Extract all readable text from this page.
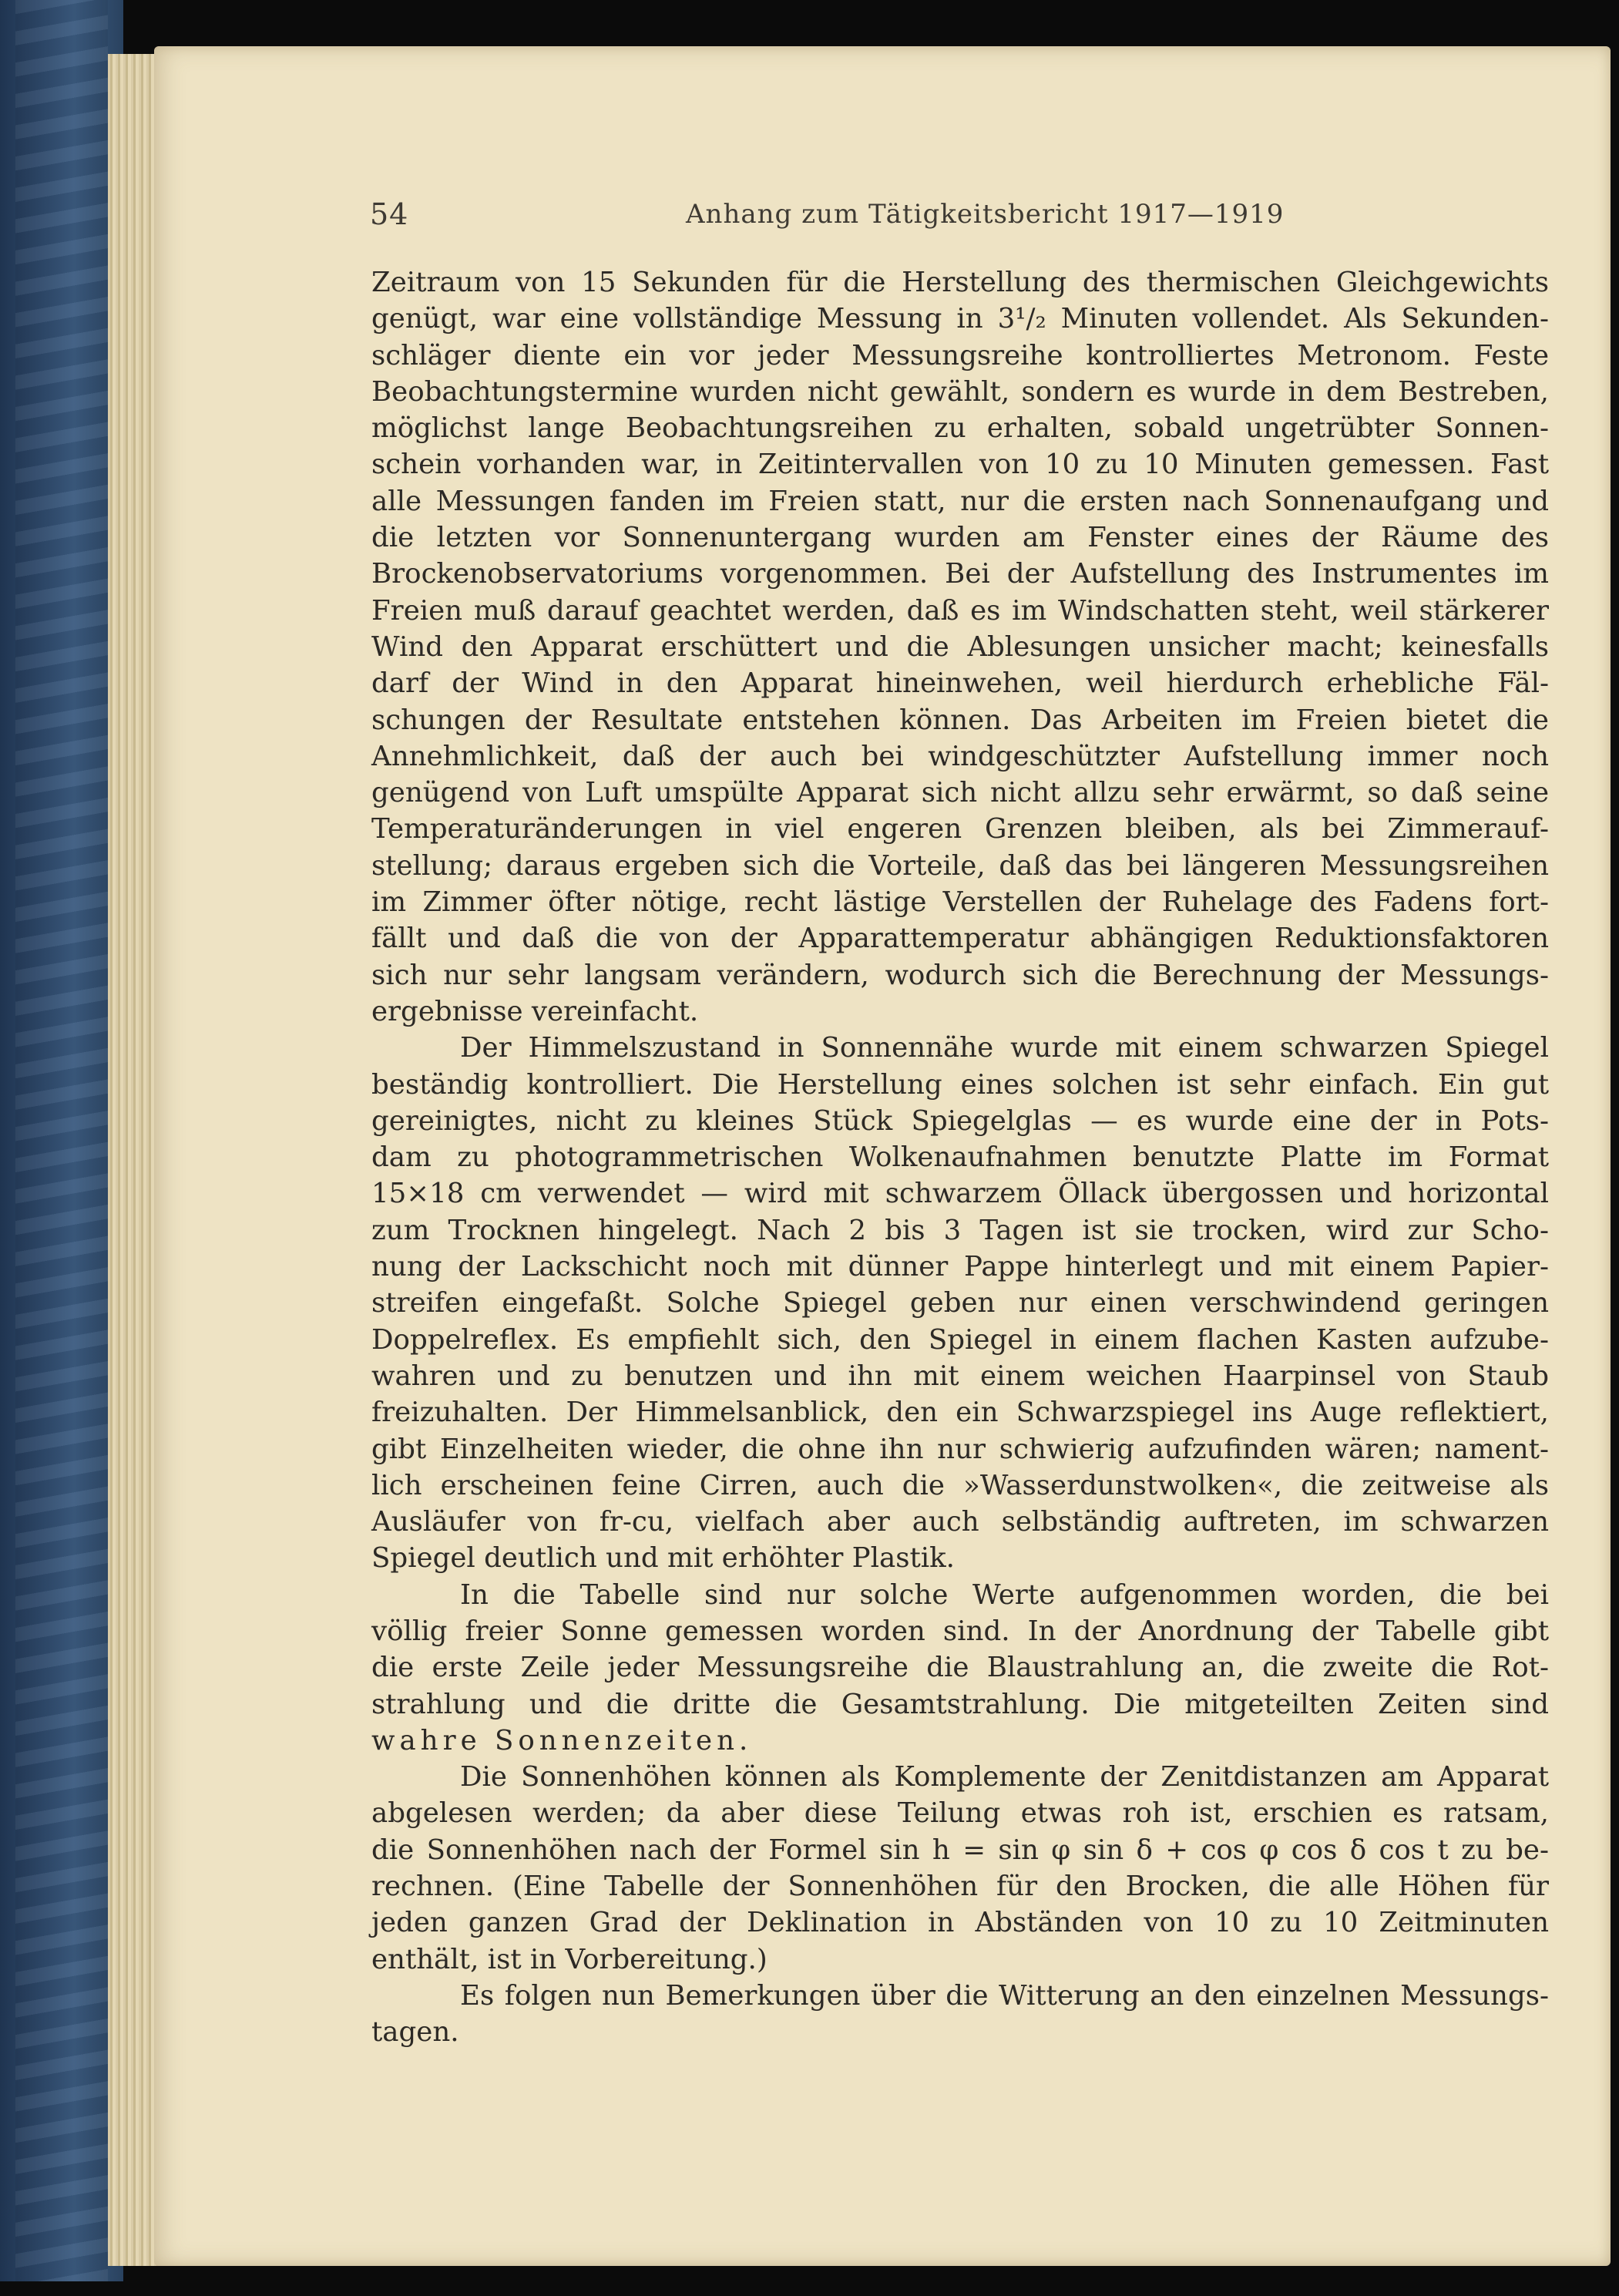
54	Anhang zum Tätigkeitsbericht 1917—1919
Zeitraum von 15 Sekunden für die Herstellung des thermischen Gleichgewichts
genügt, war eine vollständige Messung in 3¹/₂ Minuten vollendet. Als Sekunden-
schläger diente ein vor jeder Messungsreihe kontrolliertes Metronom. Feste
Beobachtungstermine wurden nicht gewählt, sondern es wurde in dem Bestreben,
möglichst lange Beobachtungsreihen zu erhalten, sobald ungetrübter Sonnen-
schein vorhanden war, in Zeitintervallen von 10 zu 10 Minuten gemessen. Fast
alle Messungen fanden im Freien statt, nur die ersten nach Sonnenaufgang und
die letzten vor Sonnenuntergang wurden am Fenster eines der Räume des
Brockenobservatoriums vorgenommen. Bei der Aufstellung des Instrumentes im
Freien muß darauf geachtet werden, daß es im Windschatten steht, weil stärkerer
Wind den Apparat erschüttert und die Ablesungen unsicher macht; keinesfalls
darf der Wind in den Apparat hineinwehen, weil hierdurch erhebliche Fäl-
schungen der Resultate entstehen können. Das Arbeiten im Freien bietet die
Annehmlichkeit, daß der auch bei windgeschützter Aufstellung immer noch
genügend von Luft umspülte Apparat sich nicht allzu sehr erwärmt, so daß seine
Temperaturänderungen in viel engeren Grenzen bleiben, als bei Zimmerauf-
stellung; daraus ergeben sich die Vorteile, daß das bei längeren Messungsreihen
im Zimmer öfter nötige, recht lästige Verstellen der Ruhelage des Fadens fort-
fällt und daß die von der Apparattemperatur abhängigen Reduktionsfaktoren
sich nur sehr langsam verändern, wodurch sich die Berechnung der Messungs-
ergebnisse vereinfacht.
Der Himmelszustand in Sonnennähe wurde mit einem schwarzen Spiegel
beständig kontrolliert. Die Herstellung eines solchen ist sehr einfach. Ein gut
gereinigtes, nicht zu kleines Stück Spiegelglas — es wurde eine der in Pots-
dam zu photogrammetrischen Wolkenaufnahmen benutzte Platte im Format
15×18 cm verwendet — wird mit schwarzem Öllack übergossen und horizontal
zum Trocknen hingelegt. Nach 2 bis 3 Tagen ist sie trocken, wird zur Scho-
nung der Lackschicht noch mit dünner Pappe hinterlegt und mit einem Papier-
streifen eingefaßt. Solche Spiegel geben nur einen verschwindend geringen
Doppelreflex. Es empfiehlt sich, den Spiegel in einem flachen Kasten aufzube-
wahren und zu benutzen und ihn mit einem weichen Haarpinsel von Staub
freizuhalten. Der Himmelsanblick, den ein Schwarzspiegel ins Auge reflektiert,
gibt Einzelheiten wieder, die ohne ihn nur schwierig aufzufinden wären; nament-
lich erscheinen feine Cirren, auch die »Wasserdunstwolken«, die zeitweise als
Ausläufer von fr-cu, vielfach aber auch selbständig auftreten, im schwarzen
Spiegel deutlich und mit erhöhter Plastik.
In die Tabelle sind nur solche Werte aufgenommen worden, die bei
völlig freier Sonne gemessen worden sind. In der Anordnung der Tabelle gibt
die erste Zeile jeder Messungsreihe die Blaustrahlung an, die zweite die Rot-
strahlung und die dritte die Gesamtstrahlung. Die mitgeteilten Zeiten sind
wahre Sonnenzeiten.
Die Sonnenhöhen können als Komplemente der Zenitdistanzen am Apparat
abgelesen werden; da aber diese Teilung etwas roh ist, erschien es ratsam,
die Sonnenhöhen nach der Formel sin h = sin φ sin δ + cos φ cos δ cos t zu be-
rechnen. (Eine Tabelle der Sonnenhöhen für den Brocken, die alle Höhen für
jeden ganzen Grad der Deklination in Abständen von 10 zu 10 Zeitminuten
enthält, ist in Vorbereitung.)
Es folgen nun Bemerkungen über die Witterung an den einzelnen Messungs-
tagen.
